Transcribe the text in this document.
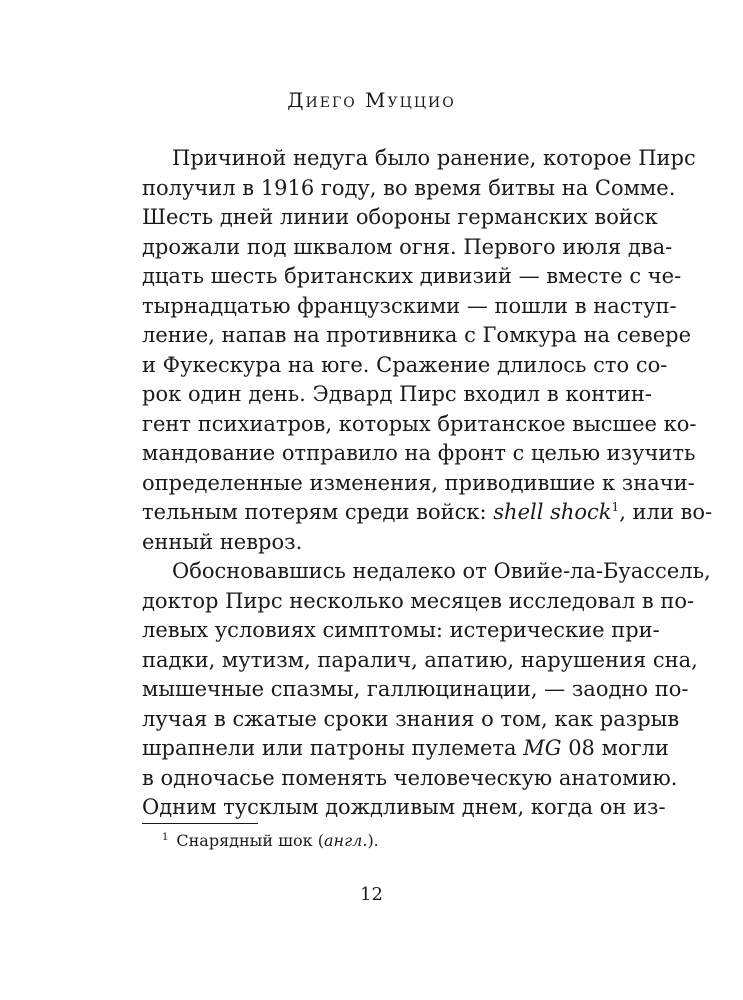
Диего Муццио
Причиной недуга было ранение, которое Пирс
получил в 1916 году, во время битвы на Сомме.
Шесть дней линии обороны германских войск
дрожали под шквалом огня. Первого июля два-
дцать шесть британских дивизий — вместе с че-
тырнадцатью французскими — пошли в наступ-
ление, напав на противника с Гомкура на севере
и Фукескура на юге. Сражение длилось сто со-
рок один день. Эдвард Пирс входил в контин-
гент психиатров, которых британское высшее ко-
мандование отправило на фронт с целью изучить
определенные изменения, приводившие к значи-
тельным потерям среди войск: shell shock$^1$, или во-
енный невроз.
Обосновавшись недалеко от Овийе-ла-Буассель,
доктор Пирс несколько месяцев исследовал в по-
левых условиях симптомы: истерические при-
падки, мутизм, паралич, апатию, нарушения сна,
мышечные спазмы, галлюцинации, — заодно по-
лучая в сжатые сроки знания о том, как разрыв
шрапнели или патроны пулемета MG 08 могли
в одночасье поменять человеческую анатомию.
Одним тусклым дождливым днем, когда он из-
$^1$ Снарядный шок (англ.).
12
